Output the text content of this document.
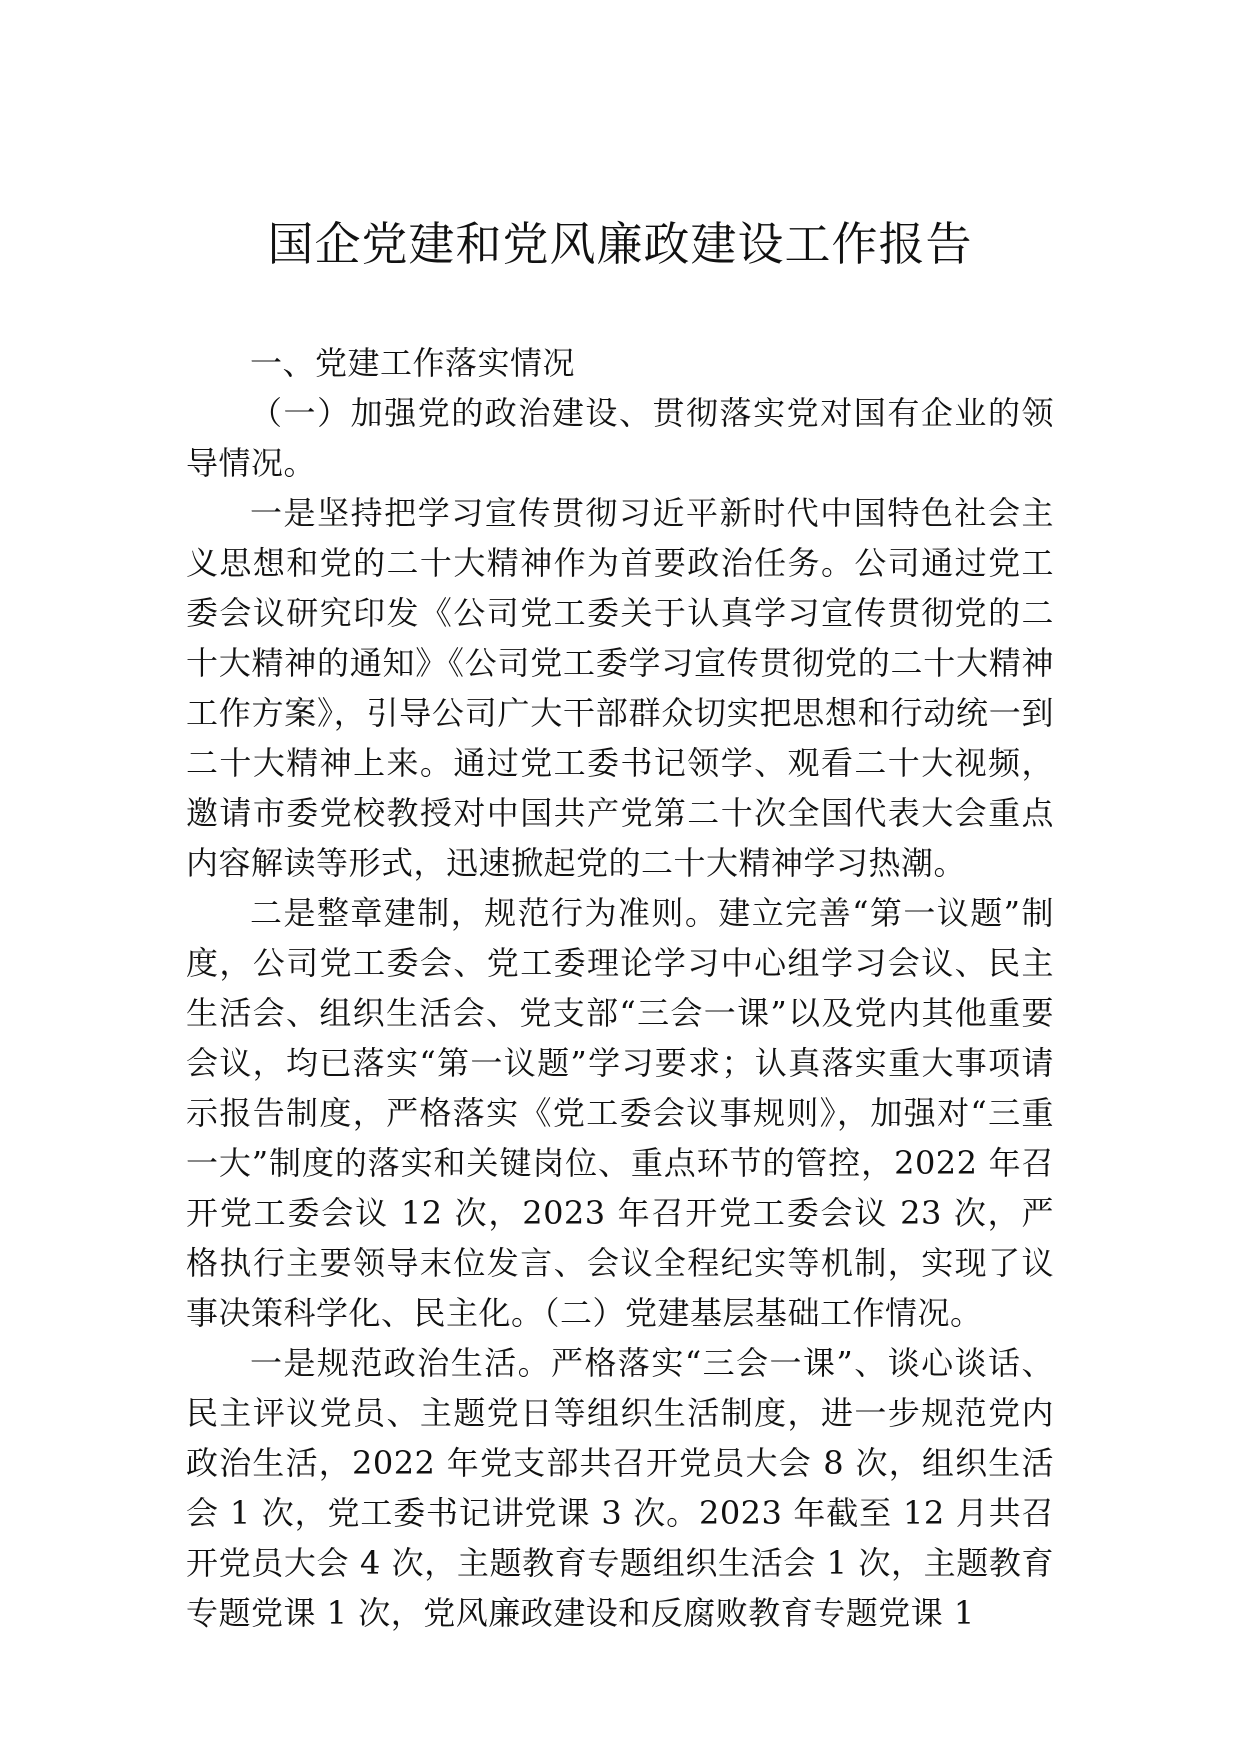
国企党建和党风廉政建设工作报告

一、党建工作落实情况

（一）加强党的政治建设、贯彻落实党对国有企业的领导情况。

一是坚持把学习宣传贯彻习近平新时代中国特色社会主义思想和党的二十大精神作为首要政治任务。公司通过党工委会议研究印发《公司党工委关于认真学习宣传贯彻党的二十大精神的通知》《公司党工委学习宣传贯彻党的二十大精神工作方案》，引导公司广大干部群众切实把思想和行动统一到二十大精神上来。通过党工委书记领学、观看二十大视频，邀请市委党校教授对中国共产党第二十次全国代表大会重点内容解读等形式，迅速掀起党的二十大精神学习热潮。

二是整章建制，规范行为准则。建立完善“第一议题”制度，公司党工委会、党工委理论学习中心组学习会议、民主生活会、组织生活会、党支部“三会一课”以及党内其他重要会议，均已落实“第一议题”学习要求；认真落实重大事项请示报告制度，严格落实《党工委会议事规则》，加强对“三重一大”制度的落实和关键岗位、重点环节的管控，2022 年召开党工委会议 12 次，2023 年召开党工委会议 23 次，严格执行主要领导末位发言、会议全程纪实等机制，实现了议事决策科学化、民主化。（二）党建基层基础工作情况。

一是规范政治生活。严格落实“三会一课”、谈心谈话、民主评议党员、主题党日等组织生活制度，进一步规范党内政治生活，2022 年党支部共召开党员大会 8 次，组织生活会 1 次，党工委书记讲党课 3 次。2023 年截至 12 月共召开党员大会 4 次，主题教育专题组织生活会 1 次，主题教育专题党课 1 次，党风廉政建设和反腐败教育专题党课 1
